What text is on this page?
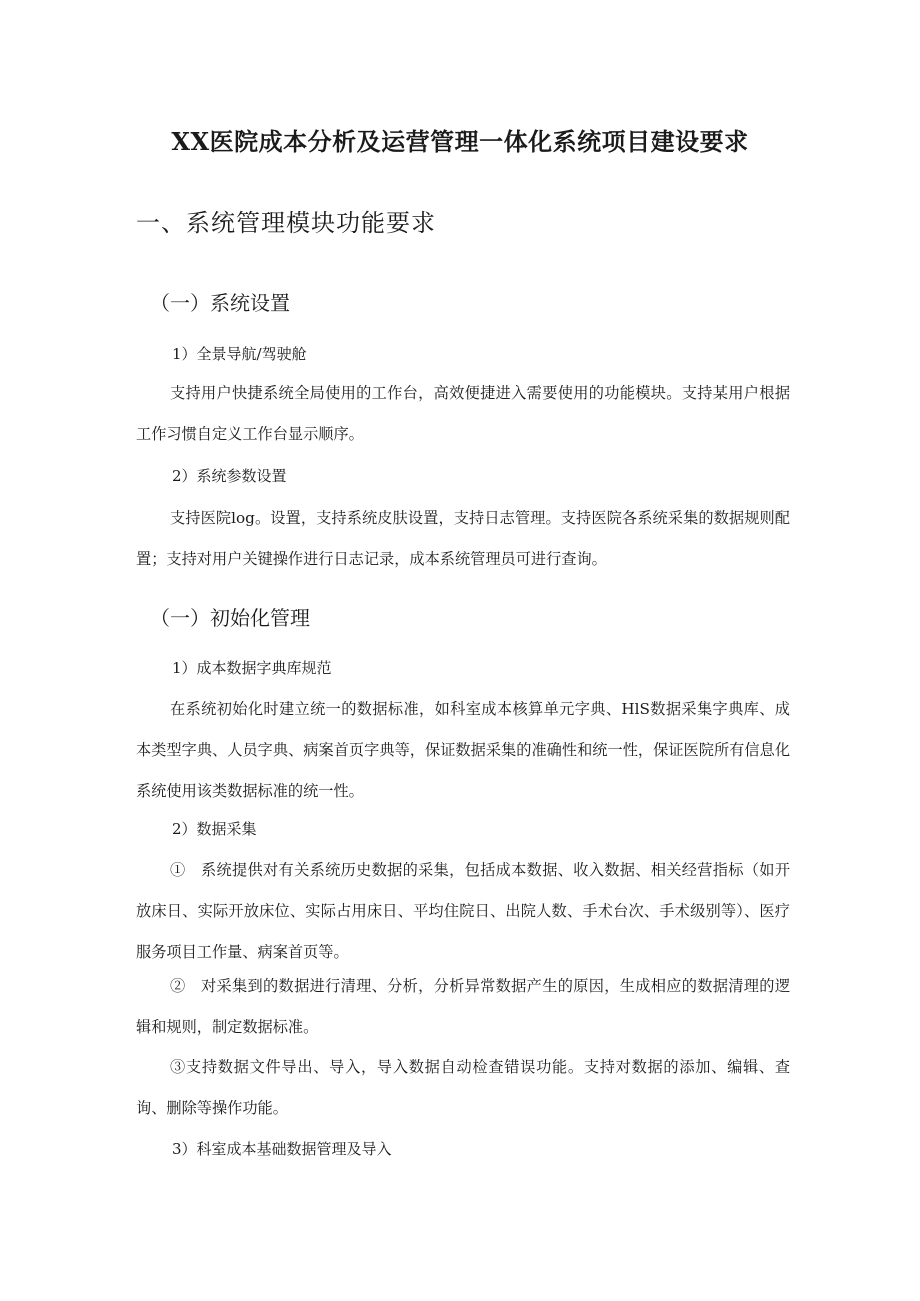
XX医院成本分析及运营管理一体化系统项目建设要求
一、系统管理模块功能要求
（一）系统设置
1）全景导航/驾驶舱
支持用户快捷系统全局使用的工作台，高效便捷进入需要使用的功能模块。支持某用户根据工作习惯自定义工作台显示顺序。
2）系统参数设置
支持医院log。设置，支持系统皮肤设置，支持日志管理。支持医院各系统采集的数据规则配置；支持对用户关键操作进行日志记录，成本系统管理员可进行查询。
（一）初始化管理
1）成本数据字典库规范
在系统初始化时建立统一的数据标准，如科室成本核算单元字典、HlS数据采集字典库、成本类型字典、人员字典、病案首页字典等，保证数据采集的准确性和统一性，保证医院所有信息化系统使用该类数据标准的统一性。
2）数据采集
①　系统提供对有关系统历史数据的采集，包括成本数据、收入数据、相关经营指标（如开放床日、实际开放床位、实际占用床日、平均住院日、出院人数、手术台次、手术级别等）、医疗服务项目工作量、病案首页等。
②　对采集到的数据进行清理、分析，分析异常数据产生的原因，生成相应的数据清理的逻辑和规则，制定数据标准。
③支持数据文件导出、导入，导入数据自动检查错误功能。支持对数据的添加、编辑、查询、删除等操作功能。
3）科室成本基础数据管理及导入
